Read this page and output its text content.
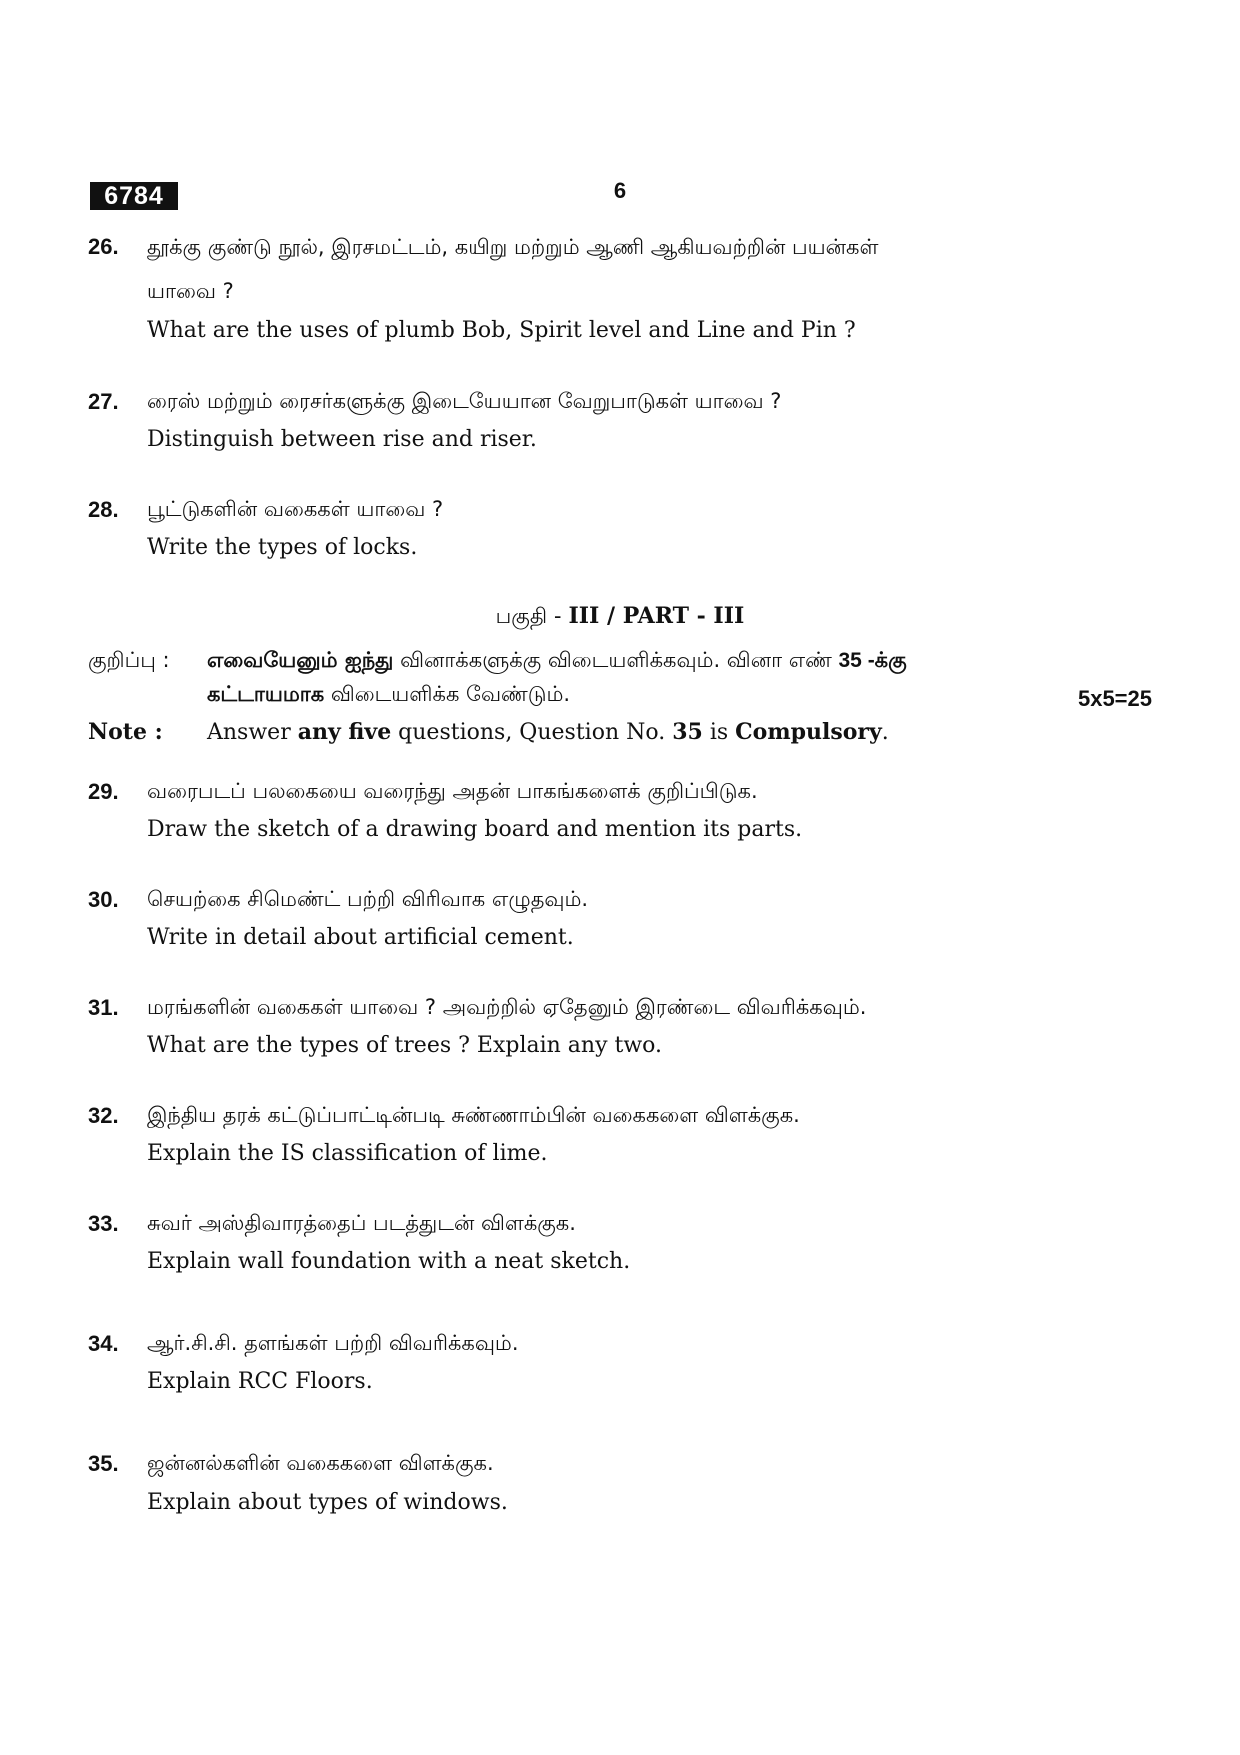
6784	6
26. தூக்கு குண்டு நூல், இரசமட்டம், கயிறு மற்றும் ஆணி ஆகியவற்றின் பயன்கள்
யாவை ?
What are the uses of plumb Bob, Spirit level and Line and Pin ?
27. ரைஸ் மற்றும் ரைசர்களுக்கு இடையேயான வேறுபாடுகள் யாவை ?
Distinguish between rise and riser.
28. பூட்டுகளின் வகைகள் யாவை ?
Write the types of locks.
பகுதி - III / PART - III
குறிப்பு : எவையேனும் ஐந்து வினாக்களுக்கு விடையளிக்கவும். வினா எண் 35 -க்கு
கட்டாயமாக விடையளிக்க வேண்டும்.	5x5=25
Note : Answer any five questions, Question No. 35 is Compulsory.
29. வரைபடப் பலகையை வரைந்து அதன் பாகங்களைக் குறிப்பிடுக.
Draw the sketch of a drawing board and mention its parts.
30. செயற்கை சிமெண்ட் பற்றி விரிவாக எழுதவும்.
Write in detail about artificial cement.
31. மரங்களின் வகைகள் யாவை ? அவற்றில் ஏதேனும் இரண்டை விவரிக்கவும்.
What are the types of trees ? Explain any two.
32. இந்திய தரக் கட்டுப்பாட்டின்படி சுண்ணாம்பின் வகைகளை விளக்குக.
Explain the IS classification of lime.
33. சுவர் அஸ்திவாரத்தைப் படத்துடன் விளக்குக.
Explain wall foundation with a neat sketch.
34. ஆர்.சி.சி. தளங்கள் பற்றி விவரிக்கவும்.
Explain RCC Floors.
35. ஜன்னல்களின் வகைகளை விளக்குக.
Explain about types of windows.
